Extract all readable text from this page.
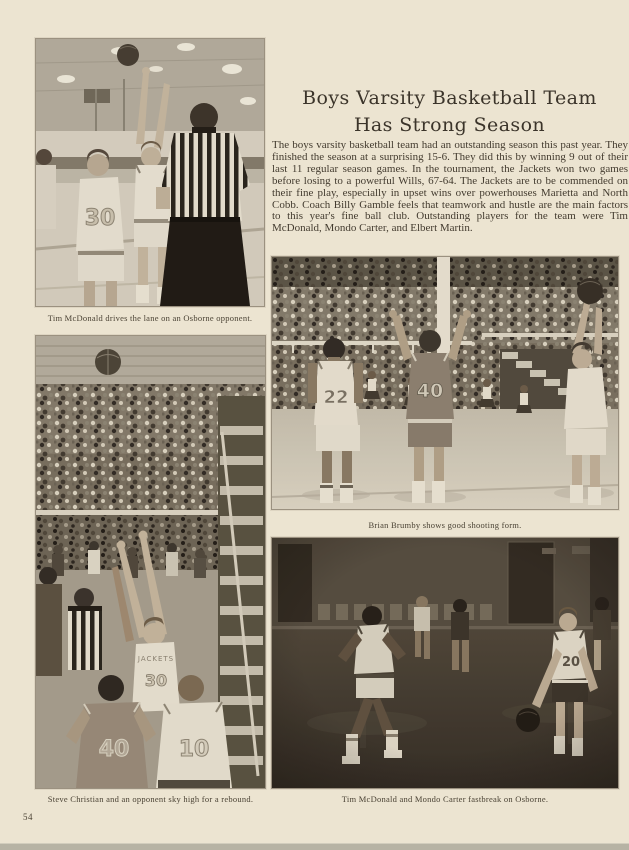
Boys Varsity Basketball Team
Has Strong Season
The boys varsity basketball team had an outstanding season this past year. They finished the season at a surprising 15-6. They did this by winning 9 out of their last 11 regular season games. In the tournament, the Jackets won two games before losing to a powerful Wills, 67-64. The Jackets are to be commended on their fine play, especially in upset wins over powerhouses Marietta and North Cobb. Coach Billy Gamble feels that teamwork and hustle are the main factors to this year's fine ball club. Outstanding players for the team were Tim McDonald, Mondo Carter, and Elbert Martin.
30
Tim McDonald drives the lane on an Osborne opponent.
22	40
Brian Brumby shows good shooting form.
JACKETS
30
40 10
Steve Christian and an opponent sky high for a rebound.	Tim McDonald and Mondo Carter fastbreak on Osborne.
54
